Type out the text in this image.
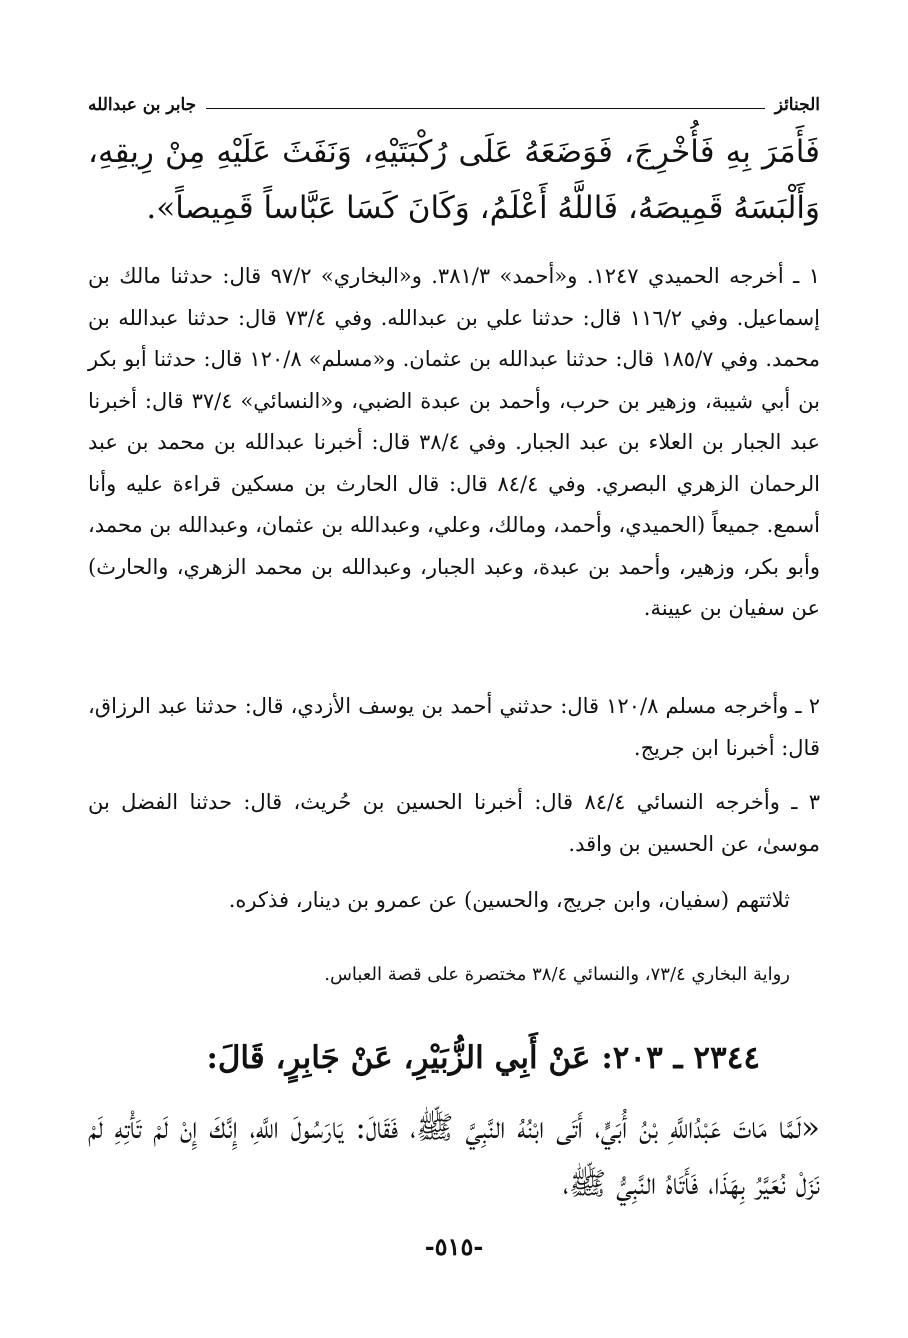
الجنائز
جابر بن عبدالله
فَأَمَرَ بِهِ فَأُخْرِجَ، فَوَضَعَهُ عَلَى رُكْبَتَيْهِ، وَنَفَثَ عَلَيْهِ مِنْ رِيقِهِ، وَأَلْبَسَهُ قَمِيصَهُ، فَاللَّهُ أَعْلَمُ، وَكَانَ كَسَا عَبَّاساً قَمِيصاً».
١ ـ أخرجه الحميدي ١٢٤٧. و«أحمد» ٣٨١/٣. و«البخاري» ٩٧/٢ قال: حدثنا مالك بن إسماعيل. وفي ١١٦/٢ قال: حدثنا علي بن عبدالله. وفي ٧٣/٤ قال: حدثنا عبدالله بن محمد. وفي ١٨٥/٧ قال: حدثنا عبدالله بن عثمان. و«مسلم» ١٢٠/٨ قال: حدثنا أبو بكر بن أبي شيبة، وزهير بن حرب، وأحمد بن عبدة الضبي، و«النسائي» ٣٧/٤ قال: أخبرنا عبد الجبار بن العلاء بن عبد الجبار. وفي ٣٨/٤ قال: أخبرنا عبدالله بن محمد بن عبد الرحمان الزهري البصري. وفي ٨٤/٤ قال: قال الحارث بن مسكين قراءة عليه وأنا أسمع. جميعاً (الحميدي، وأحمد، ومالك، وعلي، وعبدالله بن عثمان، وعبدالله بن محمد، وأبو بكر، وزهير، وأحمد بن عبدة، وعبد الجبار، وعبدالله بن محمد الزهري، والحارث) عن سفيان بن عيينة.
٢ ـ وأخرجه مسلم ١٢٠/٨ قال: حدثني أحمد بن يوسف الأزدي، قال: حدثنا عبد الرزاق، قال: أخبرنا ابن جريج.
٣ ـ وأخرجه النسائي ٨٤/٤ قال: أخبرنا الحسين بن حُريث، قال: حدثنا الفضل بن موسىٰ، عن الحسين بن واقد.
ثلاثتهم (سفيان، وابن جريج، والحسين) عن عمرو بن دينار، فذكره.
رواية البخاري ٧٣/٤، والنسائي ٣٨/٤ مختصرة على قصة العباس.
٢٣٤٤ ـ ٢٠٣: عَنْ أَبِي الزُّبَيْرِ، عَنْ جَابِرٍ، قَالَ:
«لَمَّا مَاتَ عَبْدُاللَّهِ بْنُ أُبَيٍّ، أَتَى ابْنُهُ النَّبِيَّ ﷺ، فَقَالَ: يَارَسُولَ اللَّهِ، إِنَّكَ إِنْ لَمْ تَأْتِهِ لَمْ نَزَلْ نُعَيَّرُ بِهَذَا، فَأَتَاهُ النَّبِيُّ ﷺ،
-٥١٥-
